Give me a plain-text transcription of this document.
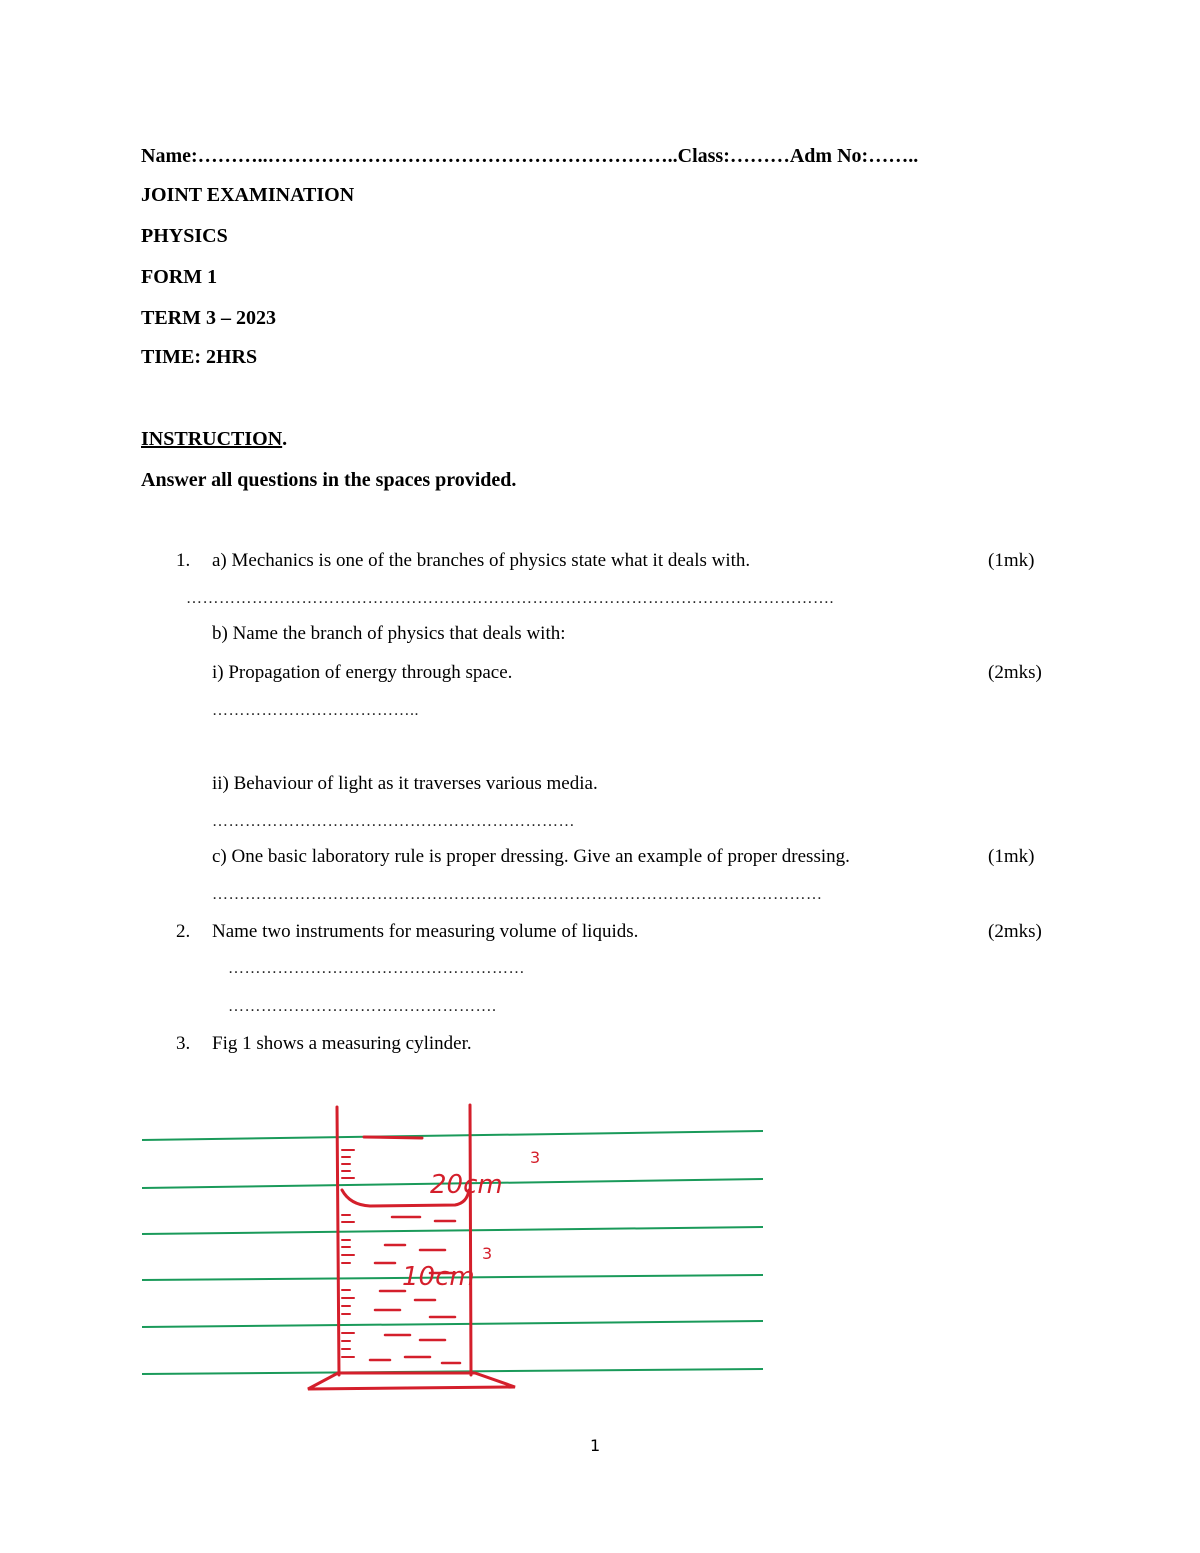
Name:………..……………………………………………………..Class:………Adm No:……..
JOINT EXAMINATION
PHYSICS
FORM 1
TERM 3 – 2023
TIME: 2HRS
INSTRUCTION.
Answer all questions in the spaces provided.
1. a) Mechanics is one of the branches of physics state what it deals with.	(1mk)
……………………………………………………………………………………………………….
b) Name the branch of physics that deals with:
i) Propagation of energy through space.	(2mks)
………………………………..
ii) Behaviour of light as it traverses various media.
…………………………………………………………
c) One basic laboratory rule is proper dressing. Give an example of proper dressing.	(1mk)
…………………………………………………………………………………………………
2. Name two instruments for measuring volume of liquids.	(2mks)
………………………………………………
………………………………………….
3. Fig 1 shows a measuring cylinder.
20cm
3
10cm
3
1
